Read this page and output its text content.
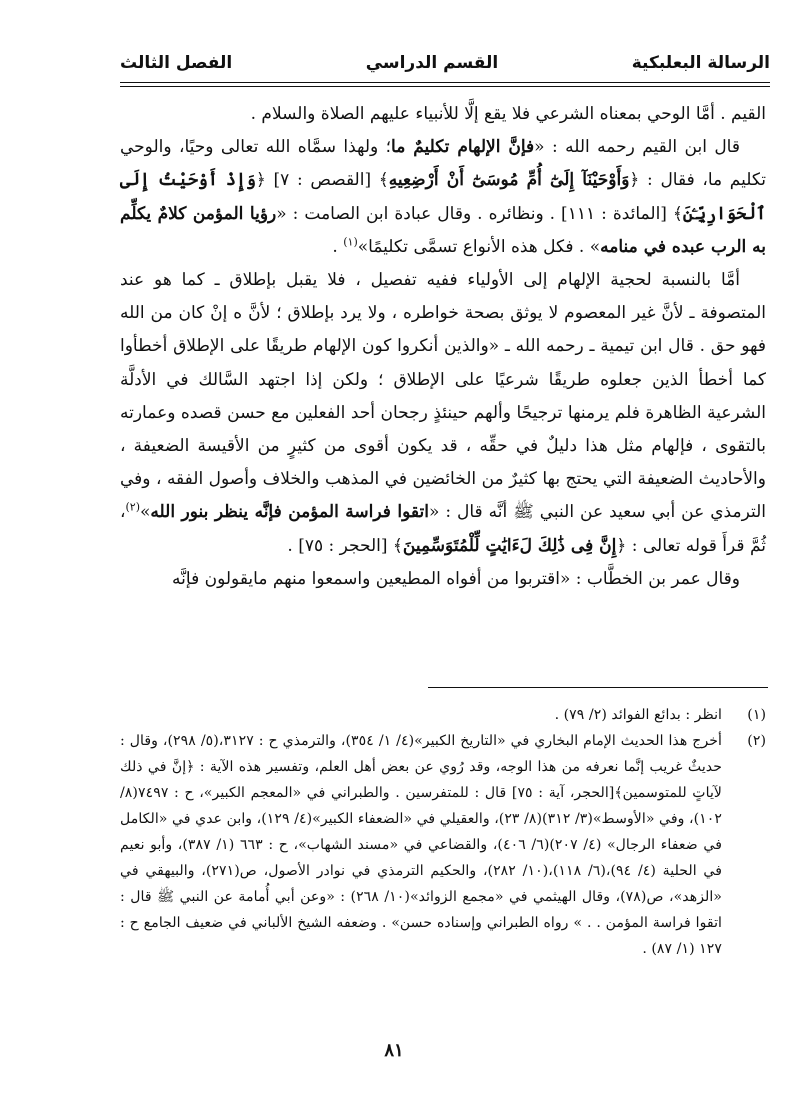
الرسالة البعلبكية
القسم الدراسي
الفصل الثالث

القيم . أمَّا الوحي بمعناه الشرعي فلا يقع إلَّا للأنبياء عليهم الصلاة والسلام .

قال ابن القيم رحمه الله : «فإنَّ الإلهام تكليمٌ ما؛ ولهذا سمَّاه الله تعالى وحيًا، والوحي تكليم ما، فقال : ﴿وَأَوْحَيْنَآ إِلَىٰٓ أُمِّ مُوسَىٰٓ أَنْ أَرْضِعِيهِ﴾ [القصص : ٧] ﴿وَإِذْ أَوْحَيْتُ إِلَى ٱلْحَوَارِيِّـۧنَ﴾ [المائدة : ١١١] . ونظائره . وقال عبادة ابن الصامت : «رؤيا المؤمن كلامٌ يكلِّم به الرب عبده في منامه» . فكل هذه الأنواع تسمَّى تكليمًا»$^{(١)}$ .

أمَّا بالنسبة لحجية الإلهام إلى الأولياء ففيه تفصيل ، فلا يقبل بإطلاق ـ كما هو عند المتصوفة ـ لأنَّ غير المعصوم لا يوثق بصحة خواطره ، ولا يرد بإطلاق ؛ لأنَّ ه إنْ كان من الله فهو حق . قال ابن تيمية ـ رحمه الله ـ «والذين أنكروا كون الإلهام طريقًا على الإطلاق أخطأوا كما أخطأ الذين جعلوه طريقًا شرعيًا على الإطلاق ؛ ولكن إذا اجتهد السَّالك في الأدلَّة الشرعية الظاهرة فلم يرمنها ترجيحًا وألهم حينئذٍ رجحان أحد الفعلين مع حسن قصده وعمارته بالتقوى ، فإلهام مثل هذا دليلٌ في حقِّه ، قد يكون أقوى من كثيرٍ من الأقيسة الضعيفة ، والأحاديث الضعيفة التي يحتج بها كثيرٌ من الخائضين في المذهب والخلاف وأصول الفقه ، وفي الترمذي عن أبي سعيد عن النبي ﷺ أنَّه قال : «اتقوا فراسة المؤمن فإنَّه ينظر بنور الله»$^{(٢)}$، ثُمَّ قرأَ قوله تعالى : ﴿إِنَّ فِى ذَٰلِكَ لَءَايَٰتٍ لِّلْمُتَوَسِّمِينَ﴾ [الحجر : ٧٥] .

وقال عمر بن الخطَّاب : «اقتربوا من أفواه المطيعين واسمعوا منهم مايقولون فإنَّه

(١)
انظر : بدائع الفوائد (٢/ ٧٩) .
(٢)
أخرج هذا الحديث الإمام البخاري في «التاريخ الكبير»(٤/ ١/ ٣٥٤)، والترمذي ح : ٣١٢٧،(٥/ ٢٩٨)، وقال : حديثٌ غريب إنَّما نعرفه من هذا الوجه، وقد رُوي عن بعض أهل العلم، وتفسير هذه الآية : ﴿إنَّ في ذلك لآياتٍ للمتوسمين﴾[الحجر، آية : ٧٥] قال : للمتفرسين . والطبراني في «المعجم الكبير»، ح : ٧٤٩٧(٨/ ١٠٢)، وفي «الأوسط»(٣/ ٣١٢)(٨/ ٢٣)، والعقيلي في «الضعفاء الكبير»(٤/ ١٢٩)، وابن عدي في «الكامل في ضعفاء الرجال» (٤/ ٢٠٧)(٦/ ٤٠٦)، والقضاعي في «مسند الشهاب»، ح : ٦٦٣ (١/ ٣٨٧)، وأبو نعيم في الحلية (٤/ ٩٤)،(٦/ ١١٨)،(١٠/ ٢٨٢)، والحكيم الترمذي في نوادر الأصول، ص(٢٧١)، والبيهقي في «الزهد»، ص(٧٨)، وقال الهيثمي في «مجمع الزوائد»(١٠/ ٢٦٨) : «وعن أبي أُمامة عن النبي ﷺ قال : اتقوا فراسة المؤمن . . » رواه الطبراني وإسناده حسن» . وضعفه الشيخ الألباني في ضعيف الجامع ح : ١٢٧ (١/ ٨٧) .
٨١
